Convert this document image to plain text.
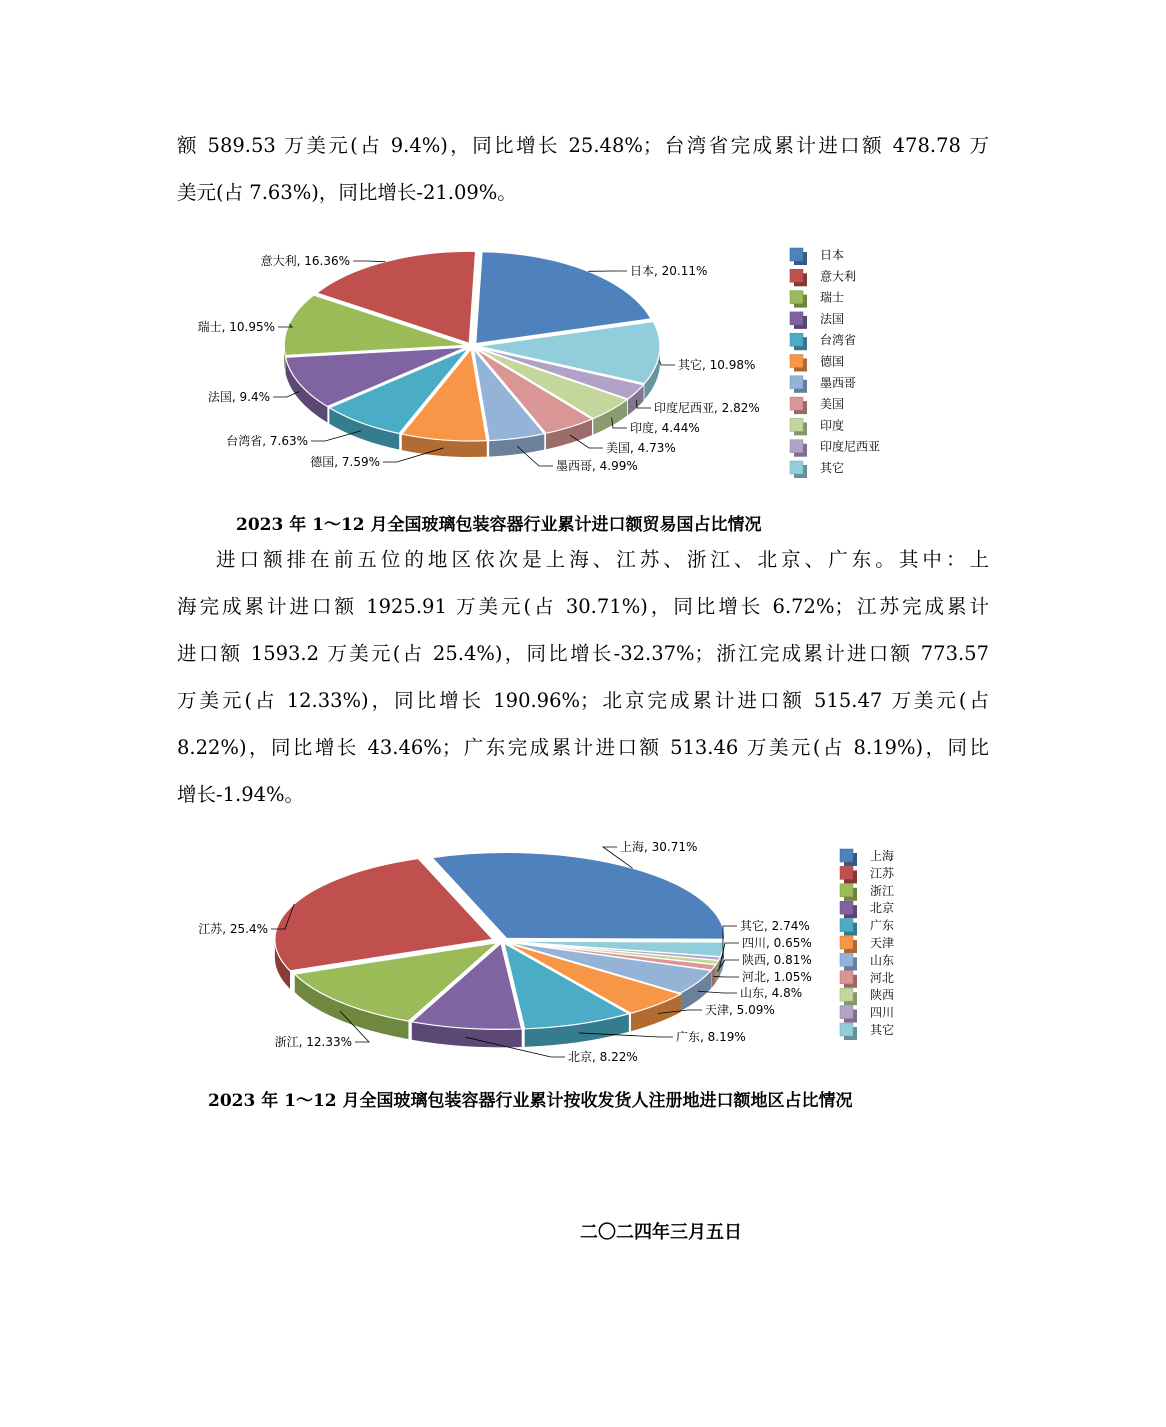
额 589.53 万美元(占 9.4%)，同比增长 25.48%；台湾省完成累计进口额 478.78 万
美元(占 7.63%)，同比增长-21.09%。
日本, 20.11%
其它, 10.98%
印度尼西亚, 2.82%
印度, 4.44%
美国, 4.73%
墨西哥, 4.99%
德国, 7.59%
台湾省, 7.63%
法国, 9.4%
瑞士, 10.95%
意大利, 16.36%	日本
意大利
瑞士
法国
台湾省
德国
墨西哥
美国
印度
印度尼西亚
其它
2023 年 1～12 月全国玻璃包装容器行业累计进口额贸易国占比情况
进口额排在前五位的地区依次是上海、江苏、浙江、北京、广东。其中：上
海完成累计进口额 1925.91 万美元(占 30.71%)，同比增长 6.72%；江苏完成累计
进口额 1593.2 万美元(占 25.4%)，同比增长-32.37%；浙江完成累计进口额 773.57
万美元(占 12.33%)，同比增长 190.96%；北京完成累计进口额 515.47 万美元(占
8.22%)，同比增长 43.46%；广东完成累计进口额 513.46 万美元(占 8.19%)，同比
增长-1.94%。
上海, 30.71%
其它, 2.74%
四川, 0.65%
陕西, 0.81%
河北, 1.05%
山东, 4.8%
天津, 5.09%
广东, 8.19%
北京, 8.22%
浙江, 12.33%
江苏, 25.4%
上海
江苏
浙江
北京
广东
天津
山东
河北
陕西
四川
其它
2023 年 1～12 月全国玻璃包装容器行业累计按收发货人注册地进口额地区占比情况
二〇二四年三月五日
